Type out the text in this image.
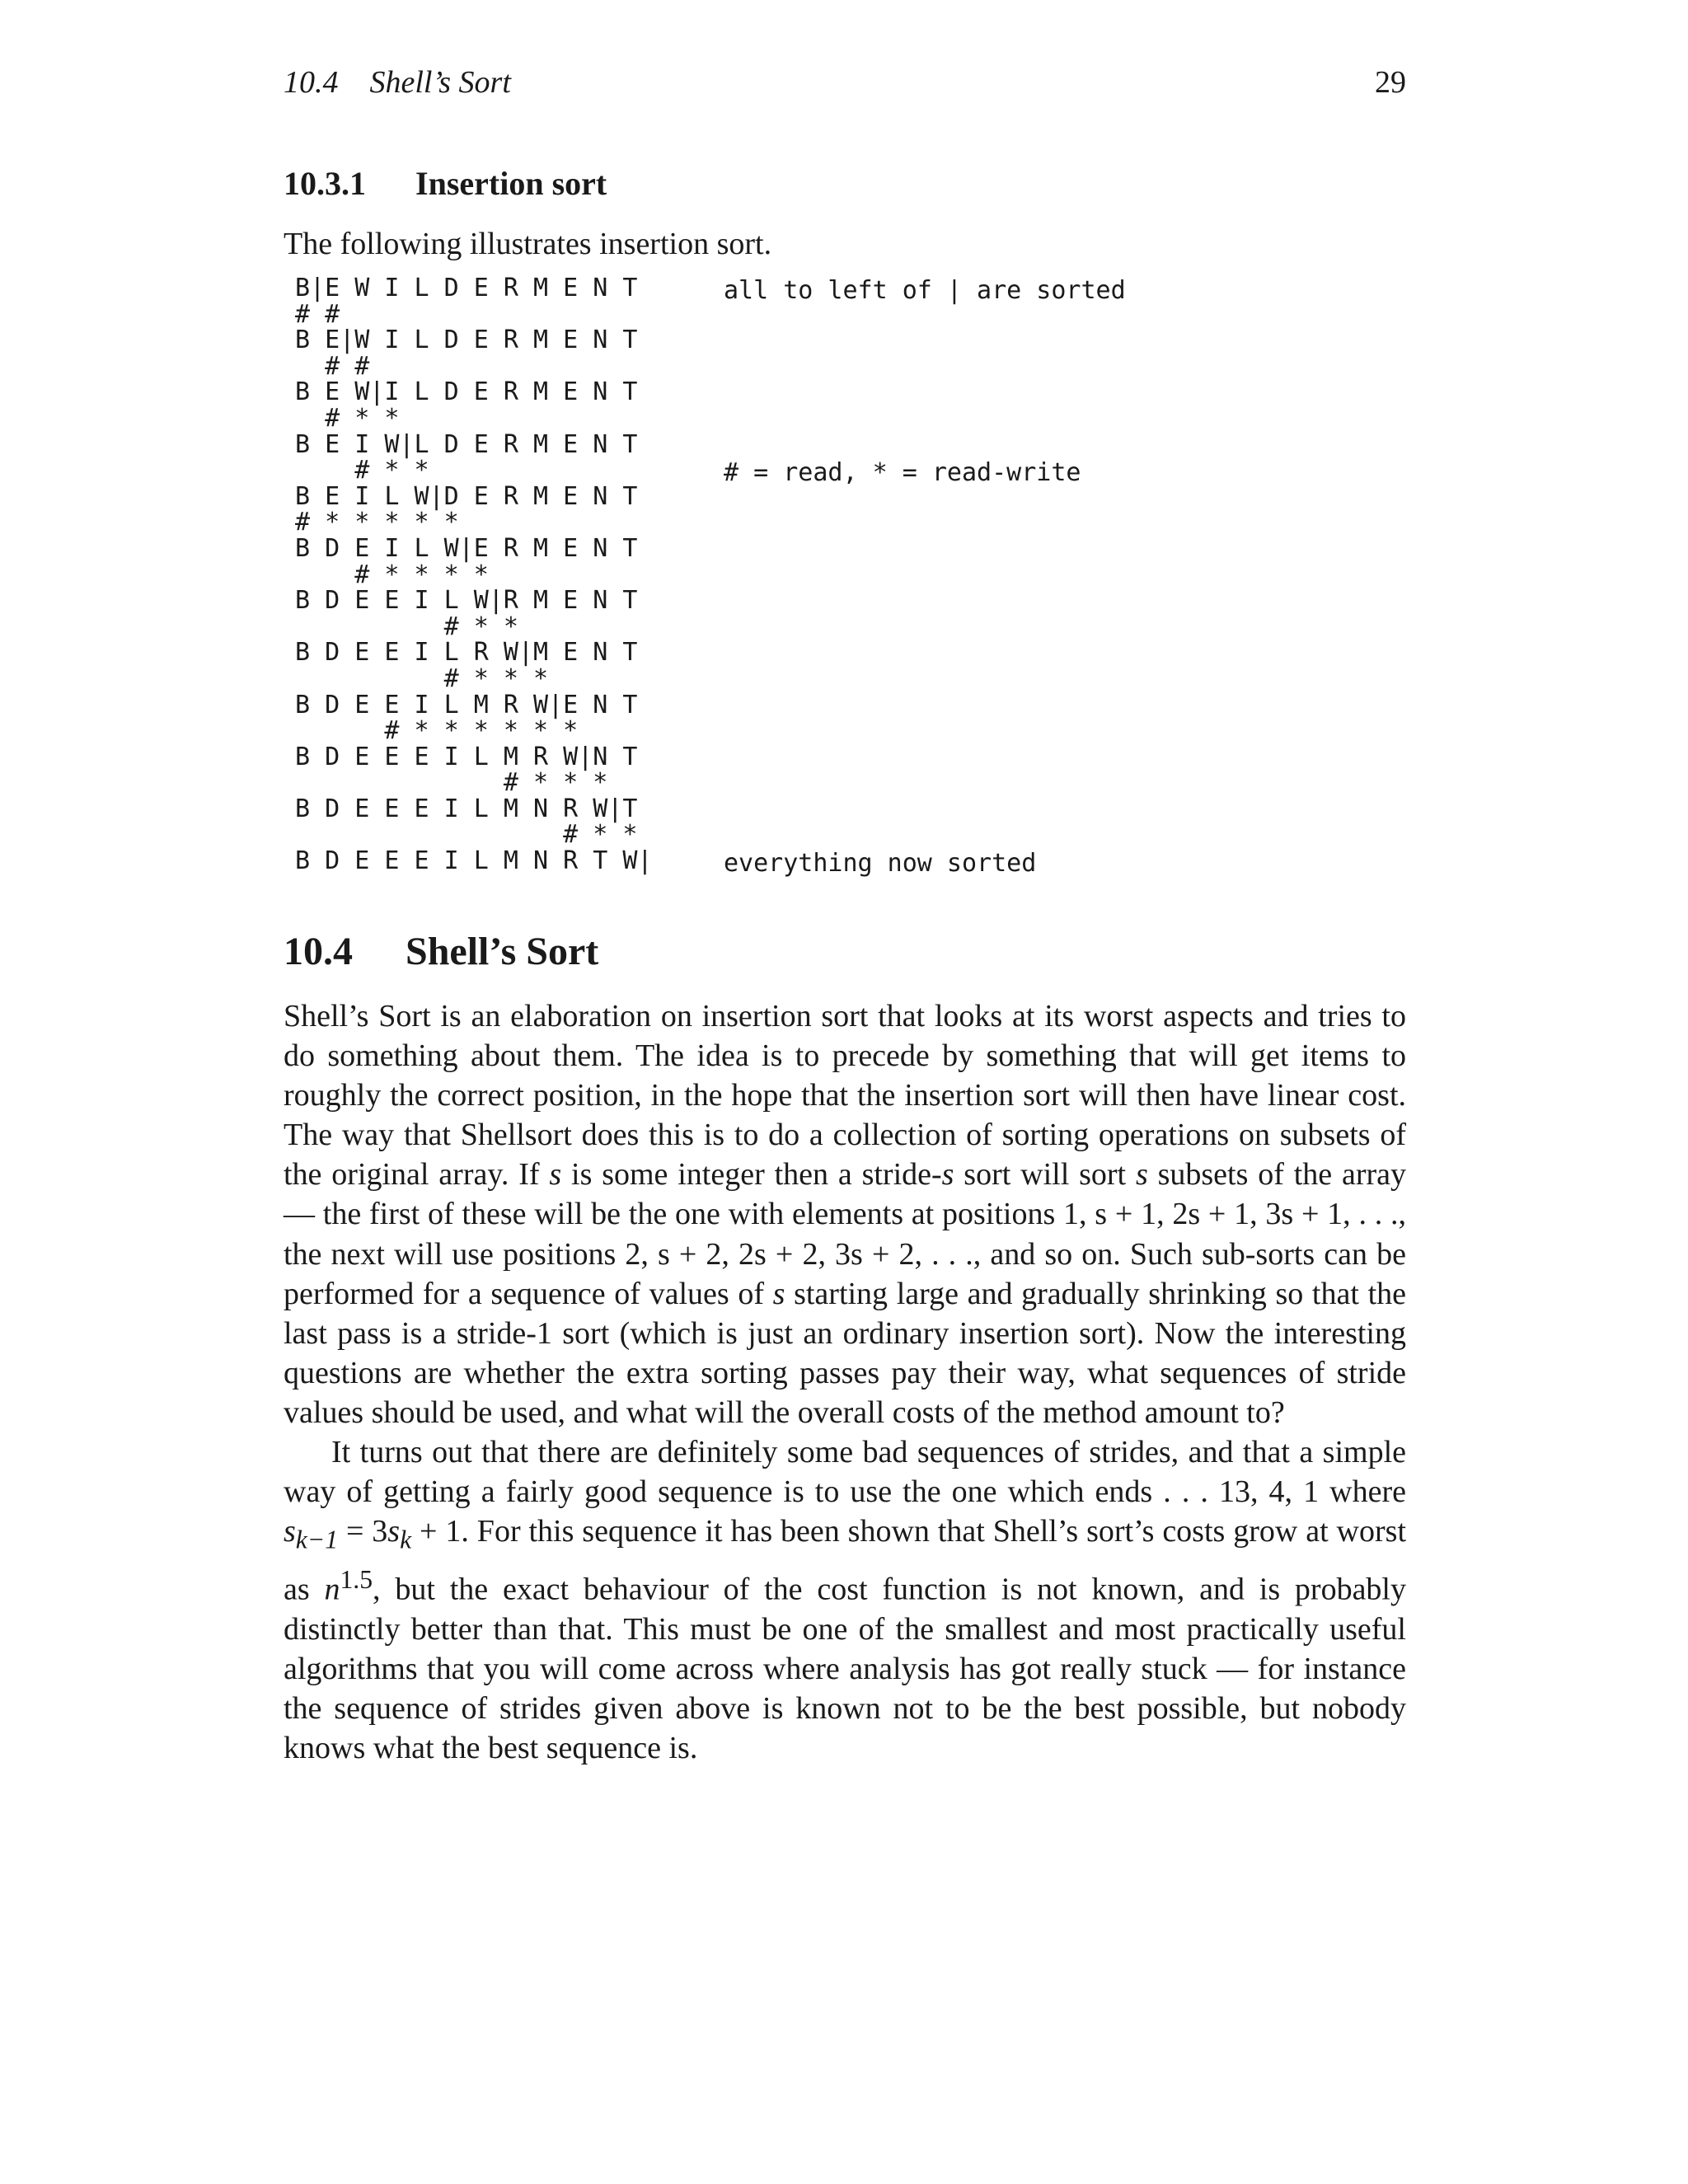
10.4    Shell’s Sort	29
10.3.1 Insertion sort
The following illustrates insertion sort.
B|E W I L D E R M E N T
# #
B E|W I L D E R M E N T
# #
B E W|I L D E R M E N T
# * *
B E I W|L D E R M E N T
# * *
B E I L W|D E R M E N T
# * * * * *
B D E I L W|E R M E N T
# * * * *
B D E E I L W|R M E N T
# * *
B D E E I L R W|M E N T
# * * *
B D E E I L M R W|E N T
# * * * * * *
B D E E E I L M R W|N T
# * * *
B D E E E I L M N R W|T
# * *
B D E E E I L M N R T W|
all to left of | are sorted
# = read, * = read-write
everything now sorted
10.4 Shell’s Sort

Shell’s Sort is an elaboration on insertion sort that looks at its worst aspects and tries to do something about them. The idea is to precede by something that will get items to roughly the correct position, in the hope that the insertion sort will then have linear cost. The way that Shellsort does this is to do a collection of sorting operations on subsets of the original array. If s is some integer then a stride-s sort will sort s subsets of the array — the first of these will be the one with elements at positions 1, s + 1, 2s + 1, 3s + 1, . . ., the next will use positions 2, s + 2, 2s + 2, 3s + 2, . . ., and so on. Such sub-sorts can be performed for a sequence of values of s starting large and gradually shrinking so that the last pass is a stride-1 sort (which is just an ordinary insertion sort). Now the interesting questions are whether the extra sorting passes pay their way, what sequences of stride values should be used, and what will the overall costs of the method amount to?

It turns out that there are definitely some bad sequences of strides, and that a simple way of getting a fairly good sequence is to use the one which ends . . . 13, 4, 1 where $s_{k-1} = 3s_k + 1$. For this sequence it has been shown that Shell’s sort’s costs grow at worst as $n^{1.5}$, but the exact behaviour of the cost function is not known, and is probably distinctly better than that. This must be one of the smallest and most practically useful algorithms that you will come across where analysis has got really stuck — for instance the sequence of strides given above is known not to be the best possible, but nobody knows what the best sequence is.
